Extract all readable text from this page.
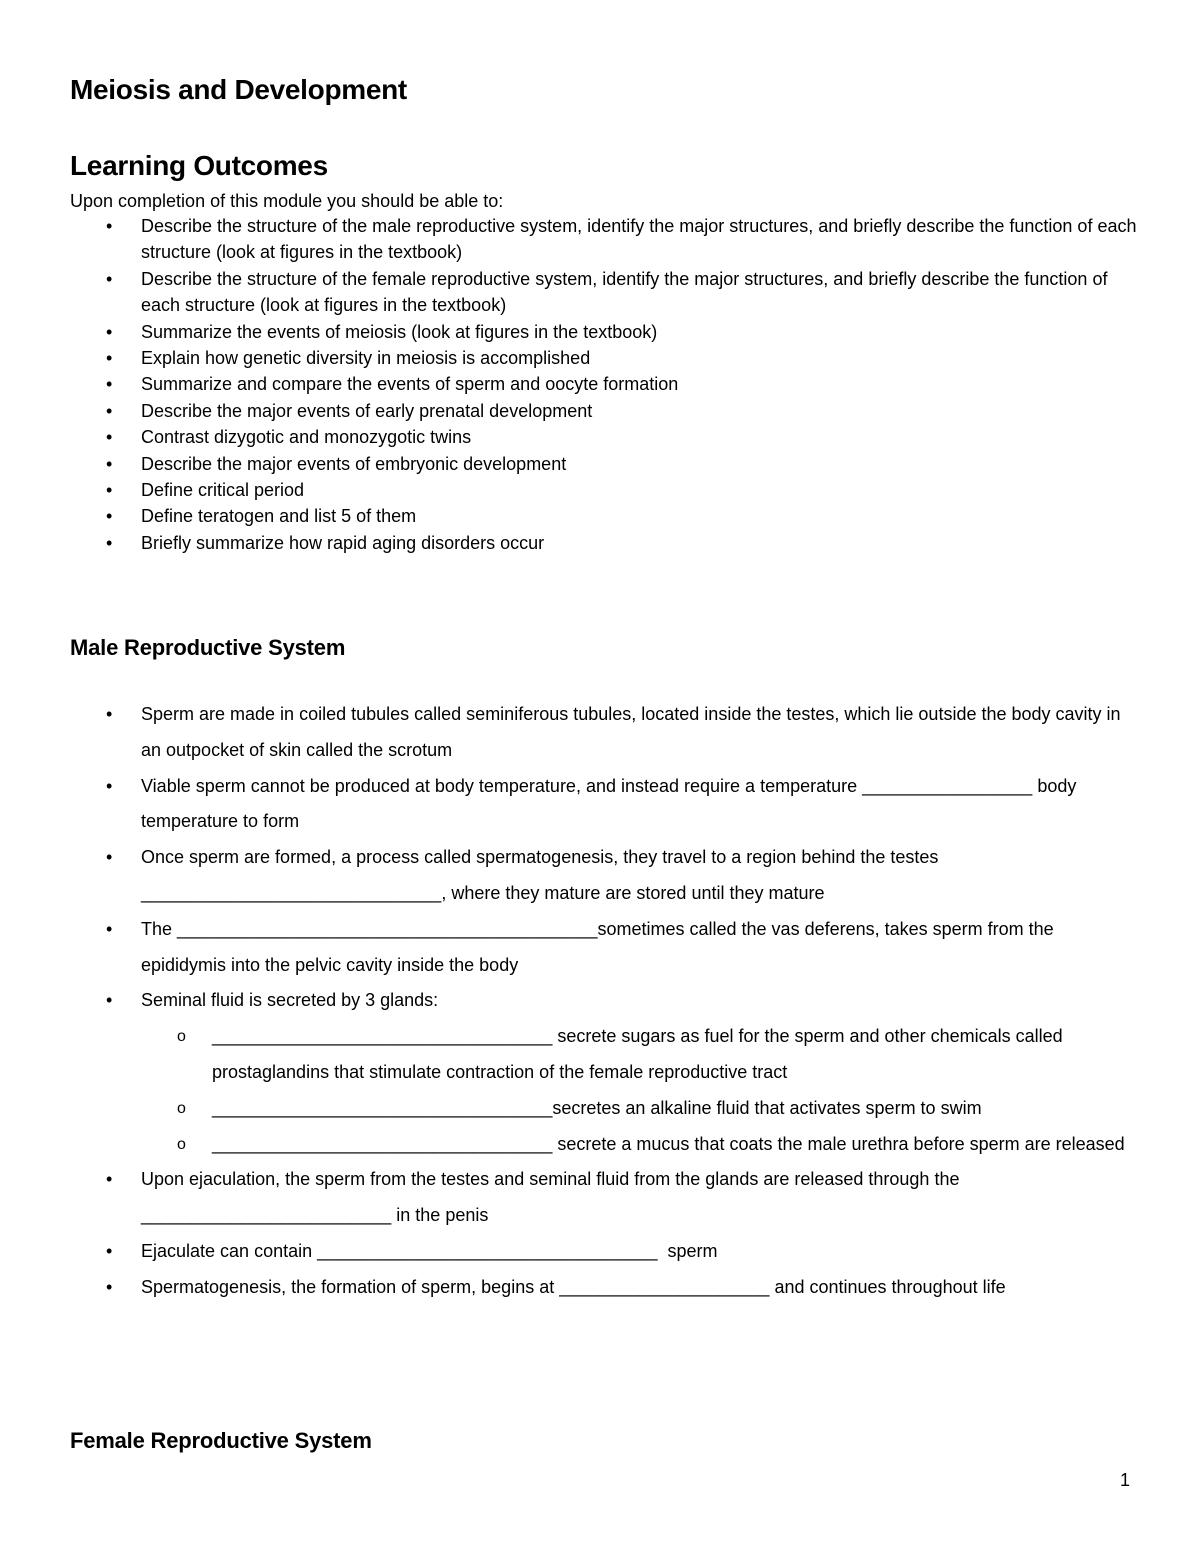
Meiosis and Development
Learning Outcomes

Upon completion of this module you should be able to:

• Describe the structure of the male reproductive system, identify the major structures, and briefly describe the function of each structure (look at figures in the textbook)
• Describe the structure of the female reproductive system, identify the major structures, and briefly describe the function of each structure (look at figures in the textbook)
• Summarize the events of meiosis (look at figures in the textbook)
• Explain how genetic diversity in meiosis is accomplished
• Summarize and compare the events of sperm and oocyte formation
• Describe the major events of early prenatal development
• Contrast dizygotic and monozygotic twins
• Describe the major events of embryonic development
• Define critical period
• Define teratogen and list 5 of them
• Briefly summarize how rapid aging disorders occur
Male Reproductive System
• Sperm are made in coiled tubules called seminiferous tubules, located inside the testes, which lie outside the body cavity in an outpocket of skin called the scrotum
• Viable sperm cannot be produced at body temperature, and instead require a temperature _________________ body temperature to form
• Once sperm are formed, a process called spermatogenesis, they travel to a region behind the testes ______________________________, where they mature are stored until they mature
• The __________________________________________sometimes called the vas deferens, takes sperm from the epididymis into the pelvic cavity inside the body
• Seminal fluid is secreted by 3 glands:
o __________________________________ secrete sugars as fuel for the sperm and other chemicals called prostaglandins that stimulate contraction of the female reproductive tract
o __________________________________secretes an alkaline fluid that activates sperm to swim
o __________________________________ secrete a mucus that coats the male urethra before sperm are released
• Upon ejaculation, the sperm from the testes and seminal fluid from the glands are released through the _________________________ in the penis
• Ejaculate can contain __________________________________  sperm
• Spermatogenesis, the formation of sperm, begins at _____________________ and continues throughout life
Female Reproductive System
1
